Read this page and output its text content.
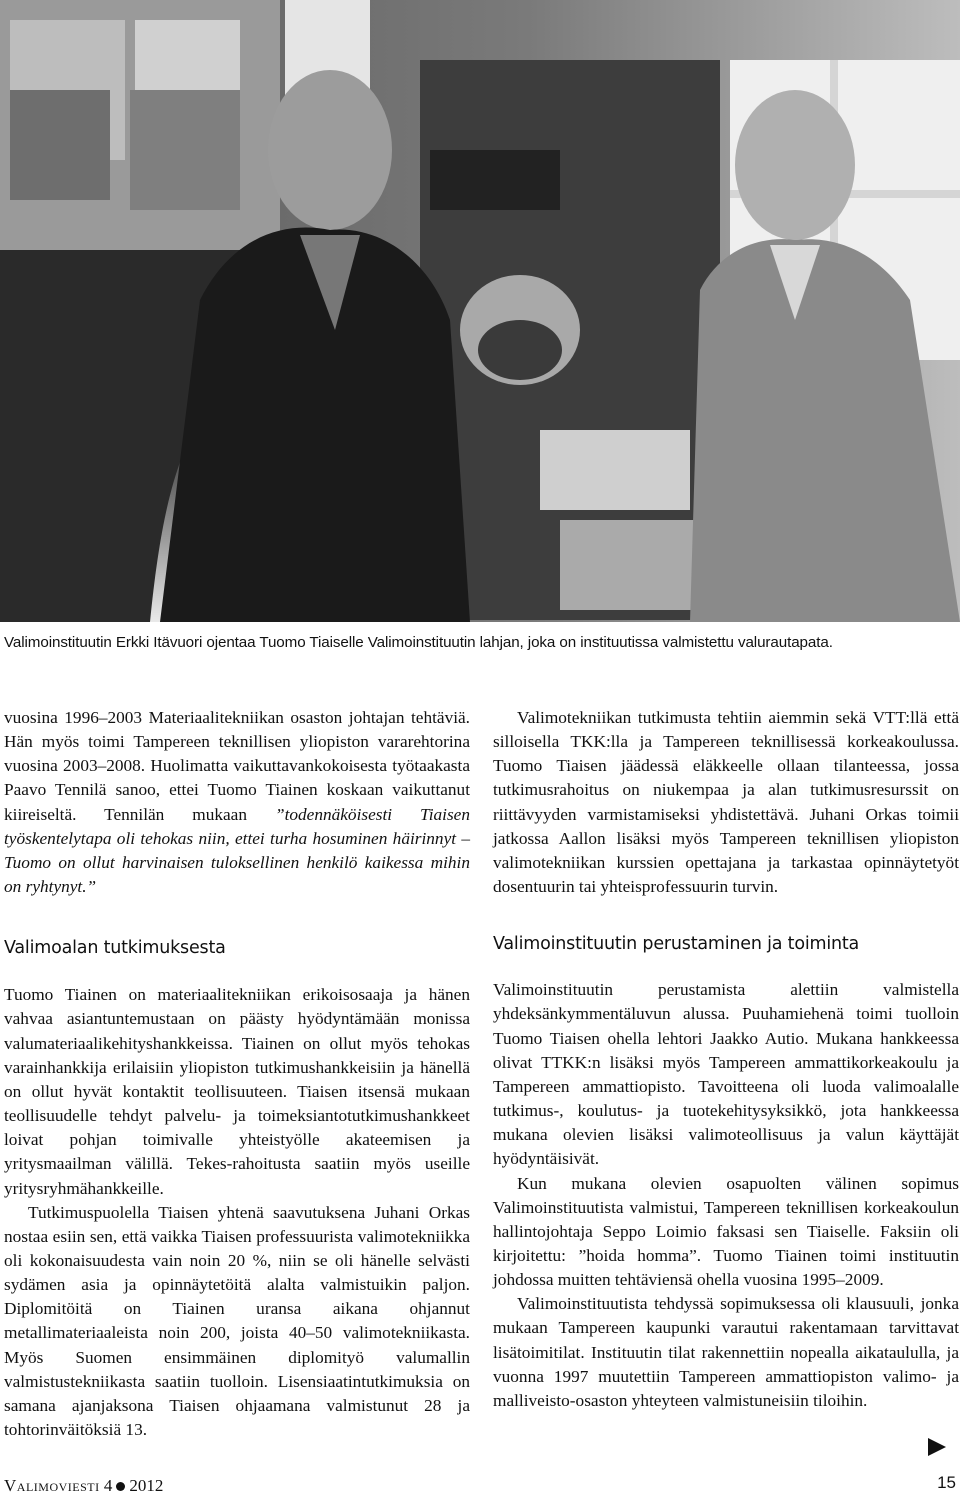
Valimoinstituutin Erkki Itävuori ojentaa Tuomo Tiaiselle Valimoinstituutin lahjan, joka on instituutissa valmistettu valurautapata.

vuosina 1996–2003 Materiaalitekniikan osaston johtajan tehtäviä. Hän myös toimi Tampereen teknillisen yliopiston vararehtorina vuosina 2003–2008. Huolimatta vaikuttavankokoisesta työtaakasta Paavo Tennilä sanoo, ettei Tuomo Tiainen koskaan vaikuttanut kiireiseltä. Tennilän mukaan ”todennäköisesti Tiaisen työskentelytapa oli tehokas niin, ettei turha hosuminen häirinnyt – Tuomo on ollut harvinaisen tuloksellinen henkilö kaikessa mihin on ryhtynyt.”

Valimoalan tutkimuksesta

Tuomo Tiainen on materiaalitekniikan erikoisosaaja ja hänen vahvaa asiantuntemustaan on päästy hyödyntämään monissa valumateriaalikehityshankkeissa. Tiainen on ollut myös tehokas varainhankkija erilaisiin yliopiston tutkimushankkeisiin ja hänellä on ollut hyvät kontaktit teollisuuteen. Tiaisen itsensä mukaan teollisuudelle tehdyt palvelu- ja toimeksiantotutkimushankkeet loivat pohjan toimivalle yhteistyölle akateemisen ja yritysmaailman välillä. Tekes-rahoitusta saatiin myös useille yritysryhmähankkeille.

Tutkimuspuolella Tiaisen yhtenä saavutuksena Juhani Orkas nostaa esiin sen, että vaikka Tiaisen professuurista valimotekniikka oli kokonaisuudesta vain noin 20 %, niin se oli hänelle selvästi sydämen asia ja opinnäytetöitä alalta valmistuikin paljon. Diplomitöitä on Tiainen uransa aikana ohjannut metallimateriaaleista noin 200, joista 40–50 valimotekniikasta. Myös Suomen ensimmäinen diplomityö valumallin valmistustekniikasta saatiin tuolloin. Lisensiaatintutkimuksia on samana ajanjaksona Tiaisen ohjaamana valmistunut 28 ja tohtorinväitöksiä 13.

Valimotekniikan tutkimusta tehtiin aiemmin sekä VTT:llä että silloisella TKK:lla ja Tampereen teknillisessä korkeakoulussa. Tuomo Tiaisen jäädessä eläkkeelle ollaan tilanteessa, jossa tutkimusrahoitus on niukempaa ja alan tutkimusresurssit on riittävyyden varmistamiseksi yhdistettävä. Juhani Orkas toimii jatkossa Aallon lisäksi myös Tampereen teknillisen yliopiston valimotekniikan kurssien opettajana ja tarkastaa opinnäytetyöt dosentuurin tai yhteisprofessuurin turvin.

Valimoinstituutin perustaminen ja toiminta

Valimoinstituutin perustamista alettiin valmistella yhdeksänkymmentäluvun alussa. Puuhamiehenä toimi tuolloin Tuomo Tiaisen ohella lehtori Jaakko Autio. Mukana hankkeessa olivat TTKK:n lisäksi myös Tampereen ammattikorkeakoulu ja Tampereen ammattiopisto. Tavoitteena oli luoda valimoalalle tutkimus-, koulutus- ja tuotekehitysyksikkö, jota hankkeessa mukana olevien lisäksi valimoteollisuus ja valun käyttäjät hyödyntäisivät.

Kun mukana olevien osapuolten välinen sopimus Valimoinstituutista valmistui, Tampereen teknillisen korkeakoulun hallintojohtaja Seppo Loimio faksasi sen Tiaiselle. Faksiin oli kirjoitettu: ”hoida homma”. Tuomo Tiainen toimi instituutin johdossa muitten tehtäviensä ohella vuosina 1995–2009.

Valimoinstituutista tehdyssä sopimuksessa oli klausuuli, jonka mukaan Tampereen kaupunki varautui rakentamaan tarvittavat lisätoimitilat. Instituutin tilat rakennettiin nopealla aikataululla, ja vuonna 1997 muutettiin Tampereen ammattiopiston valimo- ja malliveisto-osaston yhteyteen valmistuneisiin tiloihin.

Valimoviesti 4 2012	15
